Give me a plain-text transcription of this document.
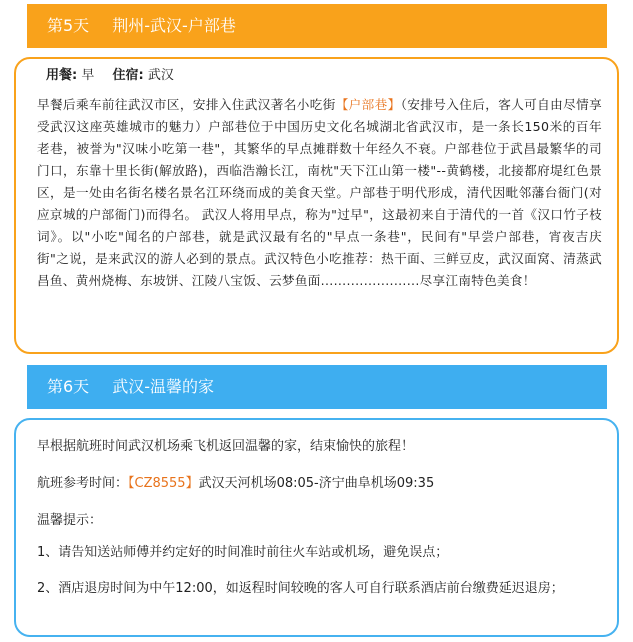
第5天 荆州-武汉-户部巷
用餐: 早 住宿: 武汉
早餐后乘车前往武汉市区，安排入住武汉著名小吃街【户部巷】（安排号入住后，客人可自由尽情享受武汉这座英雄城市的魅力）户部巷位于中国历史文化名城湖北省武汉市，是一条长150米的百年老巷，被誉为"汉味小吃第一巷"，其繁华的早点摊群数十年经久不衰。户部巷位于武昌最繁华的司门口，东靠十里长街(解放路)，西临浩瀚长江，南枕"天下江山第一楼"--黄鹤楼，北接都府堤红色景区，是一处由名街名楼名景名江环绕而成的美食天堂。户部巷于明代形成，清代因毗邻藩台衙门(对应京城的户部衙门)而得名。 武汉人将用早点，称为"过早"，这最初来自于清代的一首《汉口竹子枝词》。以"小吃"闻名的户部巷，就是武汉最有名的"早点一条巷"，民间有"早尝户部巷，宵夜吉庆街"之说，是来武汉的游人必到的景点。武汉特色小吃推荐：热干面、三鲜豆皮，武汉面窝、清蒸武昌鱼、黄州烧梅、东坡饼、江陵八宝饭、云梦鱼面.......................尽享江南特色美食！
第6天 武汉-温馨的家
早根据航班时间武汉机场乘飞机返回温馨的家，结束愉快的旅程！
航班参考时间：【CZ8555】武汉天河机场08:05-济宁曲阜机场09:35
温馨提示：
1、请告知送站师傅并约定好的时间准时前往火车站或机场，避免误点；
2、酒店退房时间为中午12:00，如返程时间较晚的客人可自行联系酒店前台缴费延迟退房；
